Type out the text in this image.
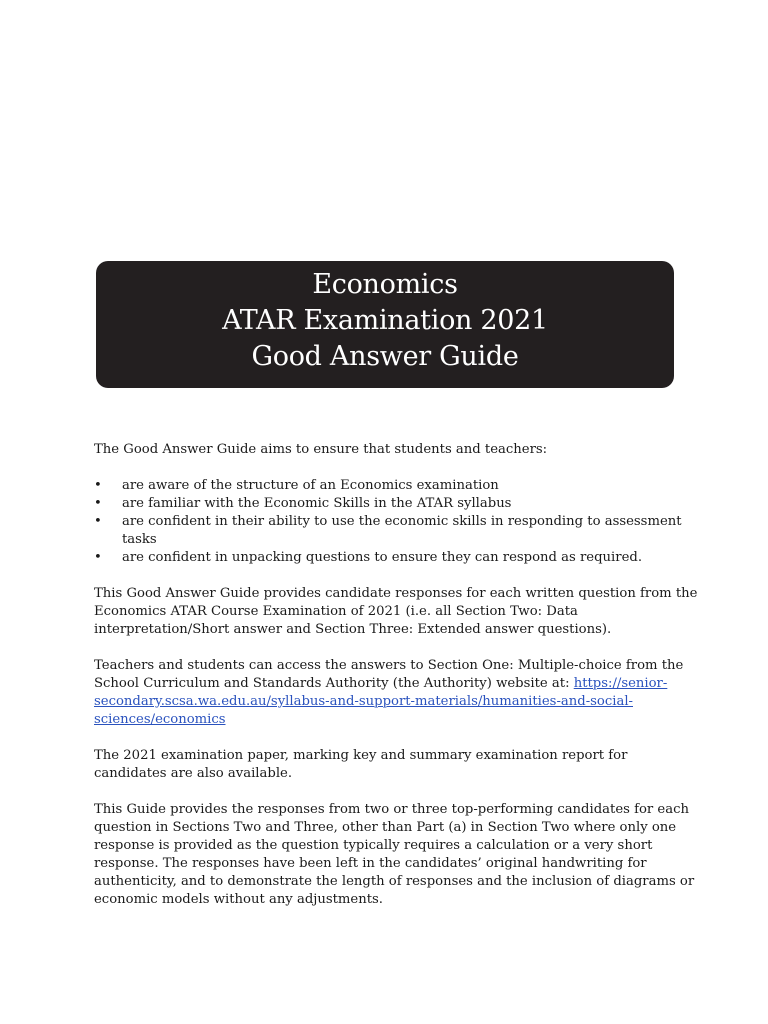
Economics
ATAR Examination 2021
Good Answer Guide

The Good Answer Guide aims to ensure that students and teachers:

• are aware of the structure of an Economics examination
• are familiar with the Economic Skills in the ATAR syllabus
• are confident in their ability to use the economic skills in responding to assessment tasks
• are confident in unpacking questions to ensure they can respond as required.

This Good Answer Guide provides candidate responses for each written question from the Economics ATAR Course Examination of 2021 (i.e. all Section Two: Data interpretation/Short answer and Section Three: Extended answer questions).

Teachers and students can access the answers to Section One: Multiple-choice from the School Curriculum and Standards Authority (the Authority) website at: https://senior-secondary.scsa.wa.edu.au/syllabus-and-support-materials/humanities-and-social-sciences/economics

The 2021 examination paper, marking key and summary examination report for candidates are also available.

This Guide provides the responses from two or three top-performing candidates for each question in Sections Two and Three, other than Part (a) in Section Two where only one response is provided as the question typically requires a calculation or a very short response. The responses have been left in the candidates’ original handwriting for authenticity, and to demonstrate the length of responses and the inclusion of diagrams or economic models without any adjustments.
